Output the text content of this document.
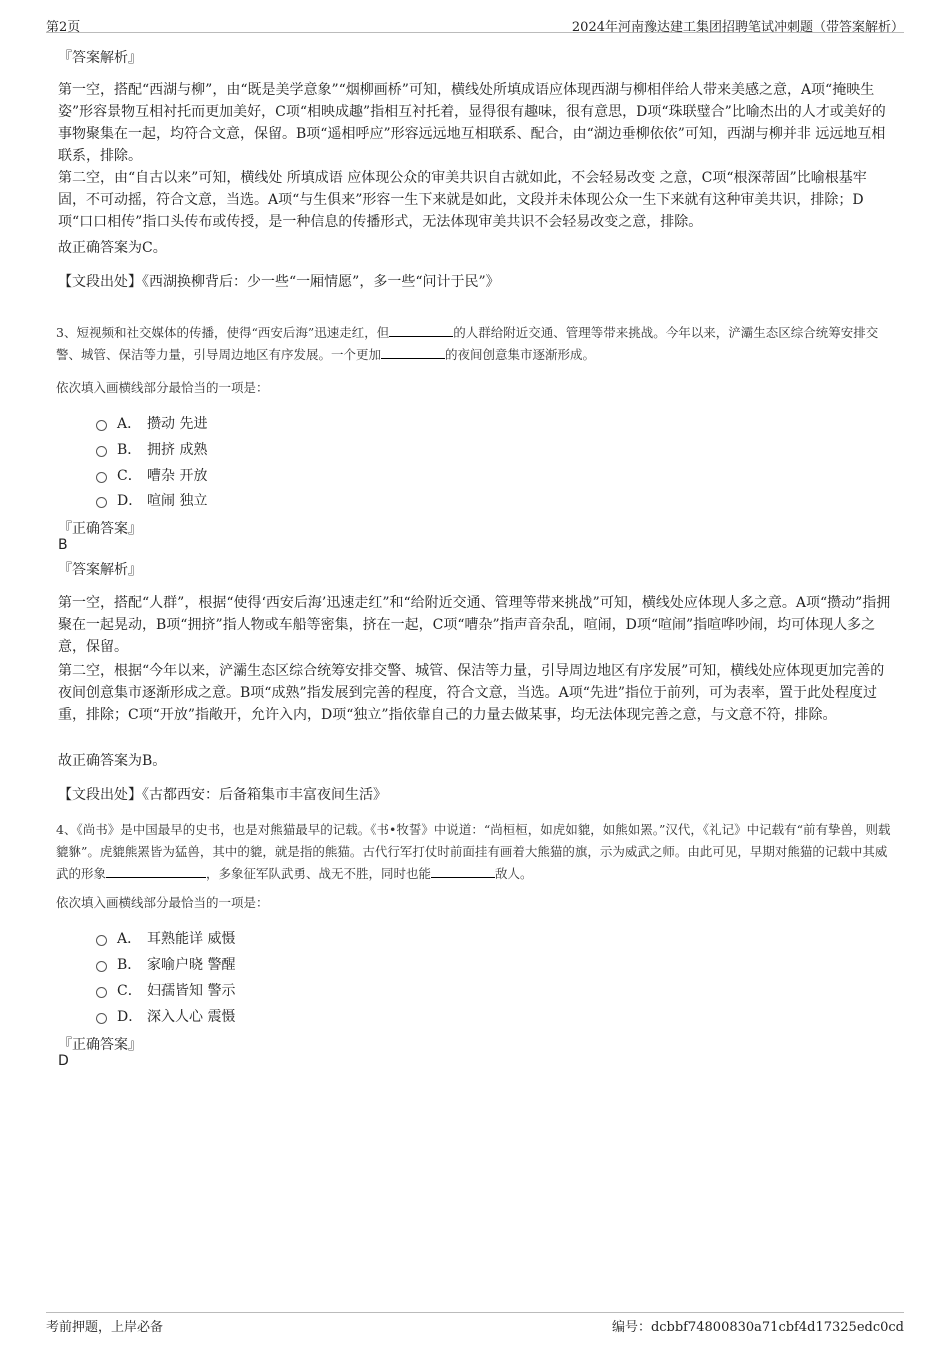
第2页	2024年河南豫达建工集团招聘笔试冲刺题（带答案解析）
『答案解析』

第一空，搭配“西湖与柳”，由“既是美学意象”“烟柳画桥”可知，横线处所填成语应体现西湖与柳相伴给人带来美感之意，A项“掩映生姿”形容景物互相衬托而更加美好，C项“相映成趣”指相互衬托着，显得很有趣味，很有意思，D项“珠联璧合”比喻杰出的人才或美好的事物聚集在一起，均符合文意，保留。B项“遥相呼应”形容远远地互相联系、配合，由“湖边垂柳依依”可知，西湖与柳并非 远远地互相联系，排除。

第二空，由“自古以来”可知，横线处 所填成语 应体现公众的审美共识自古就如此，不会轻易改变 之意，C项“根深蒂固”比喻根基牢固，不可动摇，符合文意，当选。A项“与生俱来”形容一生下来就是如此，文段并未体现公众一生下来就有这种审美共识，排除；D项“口口相传”指口头传布或传授，是一种信息的传播形式，无法体现审美共识不会轻易改变之意，排除。

故正确答案为C。
【文段出处】《西湖换柳背后：少一些“一厢情愿”，多一些“问计于民”》

3、短视频和社交媒体的传播，使得“西安后海”迅速走红，但	的人群给附近交通、管理等带来挑战。今年以来，浐灞生态区综合统筹安排交警、城管、保洁等力量，引导周边地区有序发展。一个更加	的夜间创意集市逐渐形成。

依次填入画横线部分最恰当的一项是：
A． 攒动 先进
B． 拥挤 成熟
C． 嘈杂 开放
D． 喧闹 独立
『正确答案』
B
『答案解析』

第一空，搭配“人群”，根据“使得‘西安后海’迅速走红”和“给附近交通、管理等带来挑战”可知，横线处应体现人多之意。A项“攒动”指拥聚在一起晃动，B项“拥挤”指人物或车船等密集，挤在一起，C项“嘈杂”指声音杂乱，喧闹，D项“喧闹”指喧哗吵闹，均可体现人多之意，保留。

第二空，根据“今年以来，浐灞生态区综合统筹安排交警、城管、保洁等力量，引导周边地区有序发展”可知，横线处应体现更加完善的夜间创意集市逐渐形成之意。B项“成熟”指发展到完善的程度，符合文意，当选。A项“先进”指位于前列，可为表率，置于此处程度过重，排除；C项“开放”指敞开，允许入内，D项“独立”指依靠自己的力量去做某事，均无法体现完善之意，与文意不符，排除。

故正确答案为B。
【文段出处】《古都西安：后备箱集市丰富夜间生活》

4、《尚书》是中国最早的史书，也是对熊猫最早的记载。《书•牧誓》中说道：“尚桓桓，如虎如貔，如熊如罴。”汉代，《礼记》中记载有“前有挚兽，则载貔貅”。虎貔熊罴皆为猛兽，其中的貔，就是指的熊猫。古代行军打仗时前面挂有画着大熊猫的旗，示为威武之师。由此可见，早期对熊猫的记载中其威武的形象	，多象征军队武勇、战无不胜，同时也能	敌人。

依次填入画横线部分最恰当的一项是：
A． 耳熟能详 威慑
B． 家喻户晓 警醒
C． 妇孺皆知 警示
D． 深入人心 震慑
『正确答案』
D
考前押题，上岸必备	编号：dcbbf74800830a71cbf4d17325edc0cd
